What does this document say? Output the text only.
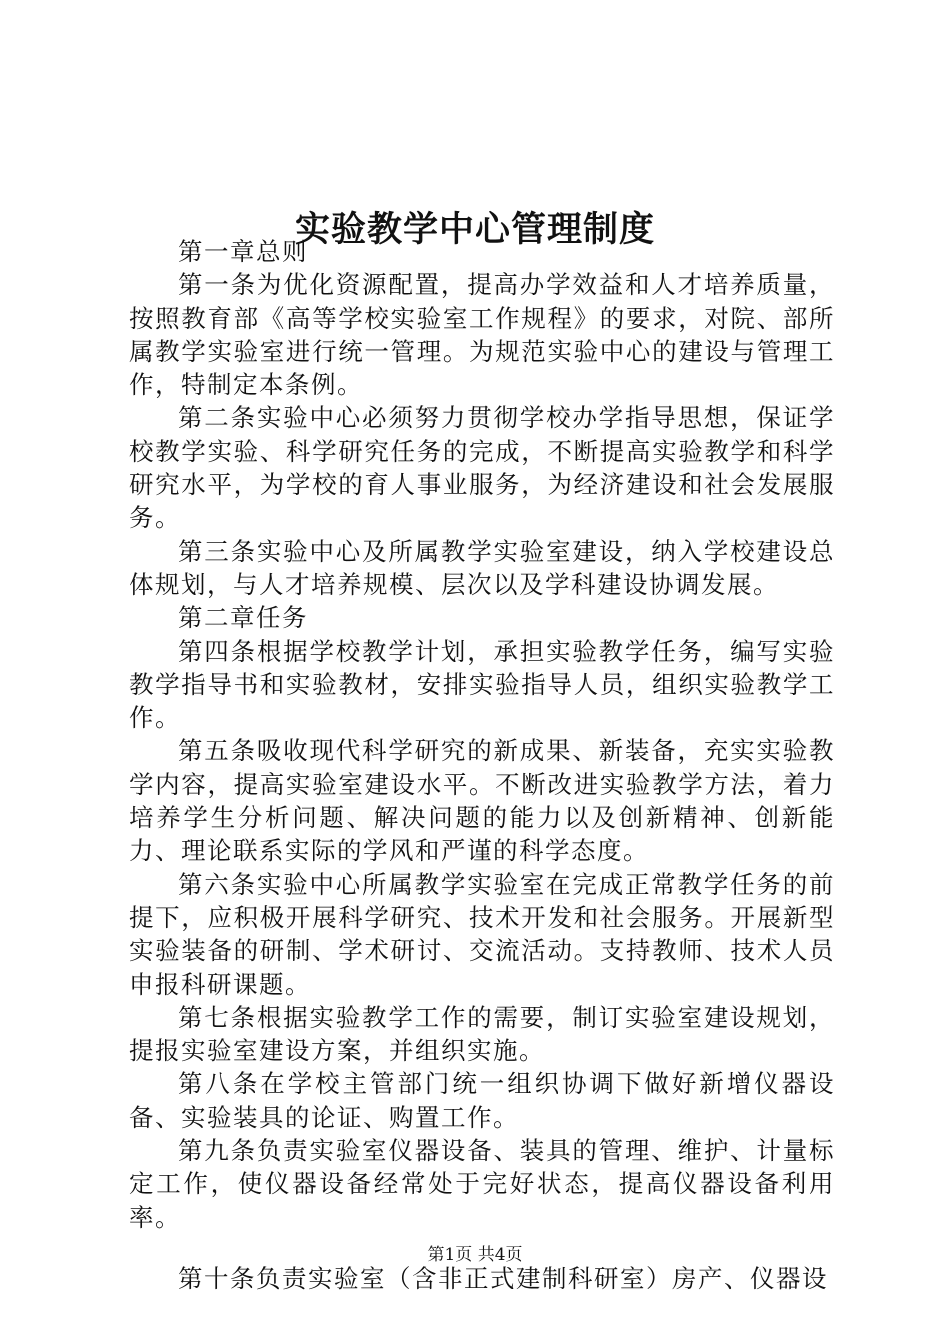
实验教学中心管理制度

第一章总则

第一条为优化资源配置，提高办学效益和人才培养质量，按照教育部《高等学校实验室工作规程》的要求，对院、部所属教学实验室进行统一管理。为规范实验中心的建设与管理工作，特制定本条例。

第二条实验中心必须努力贯彻学校办学指导思想，保证学校教学实验、科学研究任务的完成，不断提高实验教学和科学研究水平，为学校的育人事业服务，为经济建设和社会发展服务。

第三条实验中心及所属教学实验室建设，纳入学校建设总体规划，与人才培养规模、层次以及学科建设协调发展。

第二章任务

第四条根据学校教学计划，承担实验教学任务，编写实验教学指导书和实验教材，安排实验指导人员，组织实验教学工作。

第五条吸收现代科学研究的新成果、新装备，充实实验教学内容，提高实验室建设水平。不断改进实验教学方法，着力培养学生分析问题、解决问题的能力以及创新精神、创新能力、理论联系实际的学风和严谨的科学态度。

第六条实验中心所属教学实验室在完成正常教学任务的前提下，应积极开展科学研究、技术开发和社会服务。开展新型实验装备的研制、学术研讨、交流活动。支持教师、技术人员申报科研课题。

第七条根据实验教学工作的需要，制订实验室建设规划，提报实验室建设方案，并组织实施。

第八条在学校主管部门统一组织协调下做好新增仪器设备、实验装具的论证、购置工作。

第九条负责实验室仪器设备、装具的管理、维护、计量标定工作，使仪器设备经常处于完好状态，提高仪器设备利用率。

第十条负责实验室（含非正式建制科研室）房产、仪器设

第1页 共4页
